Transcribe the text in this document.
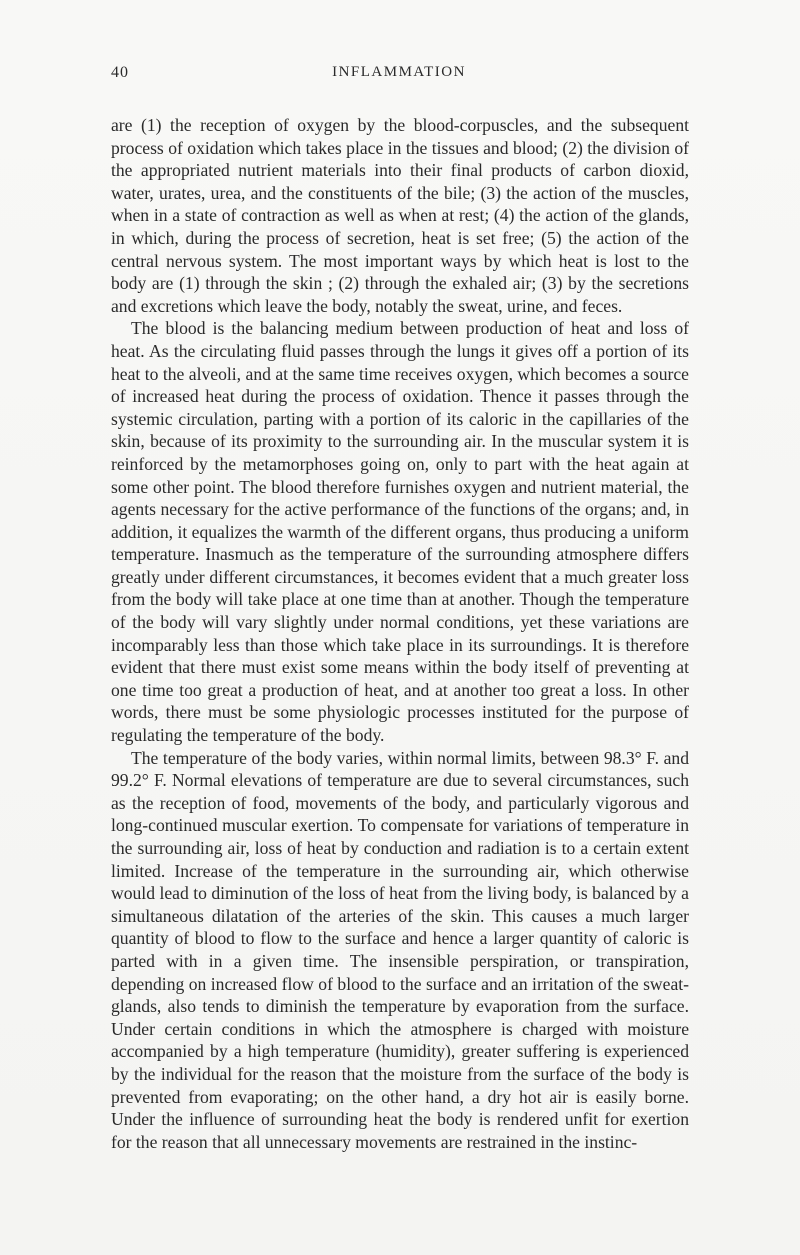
40	INFLAMMATION

are (1) the reception of oxygen by the blood-corpuscles, and the subsequent process of oxidation which takes place in the tissues and blood; (2) the division of the appropriated nutrient materials into their final products of carbon dioxid, water, urates, urea, and the constituents of the bile; (3) the action of the muscles, when in a state of contraction as well as when at rest; (4) the action of the glands, in which, during the process of secretion, heat is set free; (5) the action of the central nervous system. The most important ways by which heat is lost to the body are (1) through the skin ; (2) through the exhaled air; (3) by the secretions and excretions which leave the body, notably the sweat, urine, and feces.

The blood is the balancing medium between production of heat and loss of heat. As the circulating fluid passes through the lungs it gives off a portion of its heat to the alveoli, and at the same time receives oxygen, which becomes a source of increased heat during the process of oxidation. Thence it passes through the systemic circulation, parting with a portion of its caloric in the capillaries of the skin, because of its proximity to the surrounding air. In the muscular system it is reinforced by the metamorphoses going on, only to part with the heat again at some other point. The blood therefore furnishes oxygen and nutrient material, the agents necessary for the active performance of the functions of the organs; and, in addition, it equalizes the warmth of the different organs, thus producing a uniform temperature. Inasmuch as the temperature of the surrounding atmosphere differs greatly under different circumstances, it becomes evident that a much greater loss from the body will take place at one time than at another. Though the temperature of the body will vary slightly under normal conditions, yet these variations are incomparably less than those which take place in its surroundings. It is therefore evident that there must exist some means within the body itself of preventing at one time too great a production of heat, and at another too great a loss. In other words, there must be some physiologic processes instituted for the purpose of regulating the temperature of the body.

The temperature of the body varies, within normal limits, between 98.3° F. and 99.2° F. Normal elevations of temperature are due to several circumstances, such as the reception of food, movements of the body, and particularly vigorous and long-continued muscular exertion. To compensate for variations of temperature in the surrounding air, loss of heat by conduction and radiation is to a certain extent limited. Increase of the temperature in the surrounding air, which otherwise would lead to diminution of the loss of heat from the living body, is balanced by a simultaneous dilatation of the arteries of the skin. This causes a much larger quantity of blood to flow to the surface and hence a larger quantity of caloric is parted with in a given time. The insensible perspiration, or transpiration, depending on increased flow of blood to the surface and an irritation of the sweat-glands, also tends to diminish the temperature by evaporation from the surface. Under certain conditions in which the atmosphere is charged with moisture accompanied by a high temperature (humidity), greater suffering is experienced by the individual for the reason that the moisture from the surface of the body is prevented from evaporating; on the other hand, a dry hot air is easily borne. Under the influence of surrounding heat the body is rendered unfit for exertion for the reason that all unnecessary movements are restrained in the instinc-
